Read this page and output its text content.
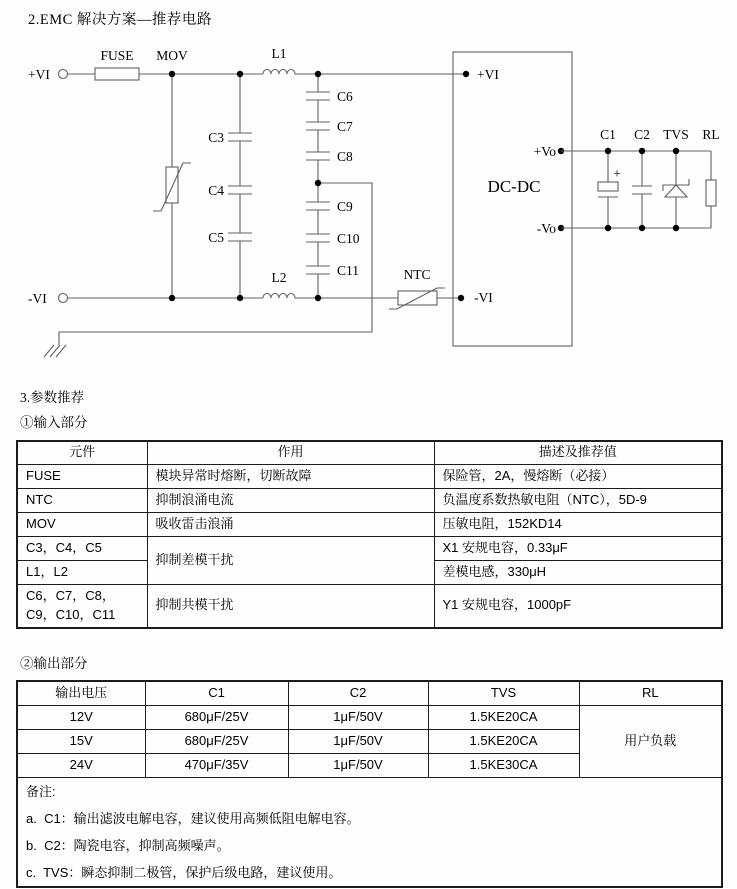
2.EMC 解决方案—推荐电路
+VI
-VI
FUSE MOV	L1
C3
C4
C5
C6
C7
C8
C9
C10
C11
L2	NTC
DC-DC
+VI
-VI
+Vo
-Vo
C1 C2 TVS RL
+
3.参数推荐
①输入部分
元件	作用	描述及推荐值
FUSE	模块异常时熔断，切断故障	保险管，2A，慢熔断（必接）
NTC	抑制浪涌电流	负温度系数热敏电阻（NTC），5D-9
MOV	吸收雷击浪涌	压敏电阻，152KD14
C3，C4，C5	抑制差模干扰	X1 安规电容，0.33μF
L1，L2		差模电感，330μH
C6，C7，C8，C9，C10，C11	抑制共模干扰	Y1 安规电容，1000pF
②输出部分
输出电压	C1	C2	TVS	RL
12V	680μF/25V	1μF/50V	1.5KE20CA	用户负载
15V	680μF/25V	1μF/50V	1.5KE20CA	
24V	470μF/35V	1μF/50V	1.5KE30CA	

备注:
a.  C1：输出滤波电解电容，建议使用高频低阻电解电容。
b.  C2：陶瓷电容，抑制高频噪声。
c.  TVS：瞬态抑制二极管，保护后级电路，建议使用。				
